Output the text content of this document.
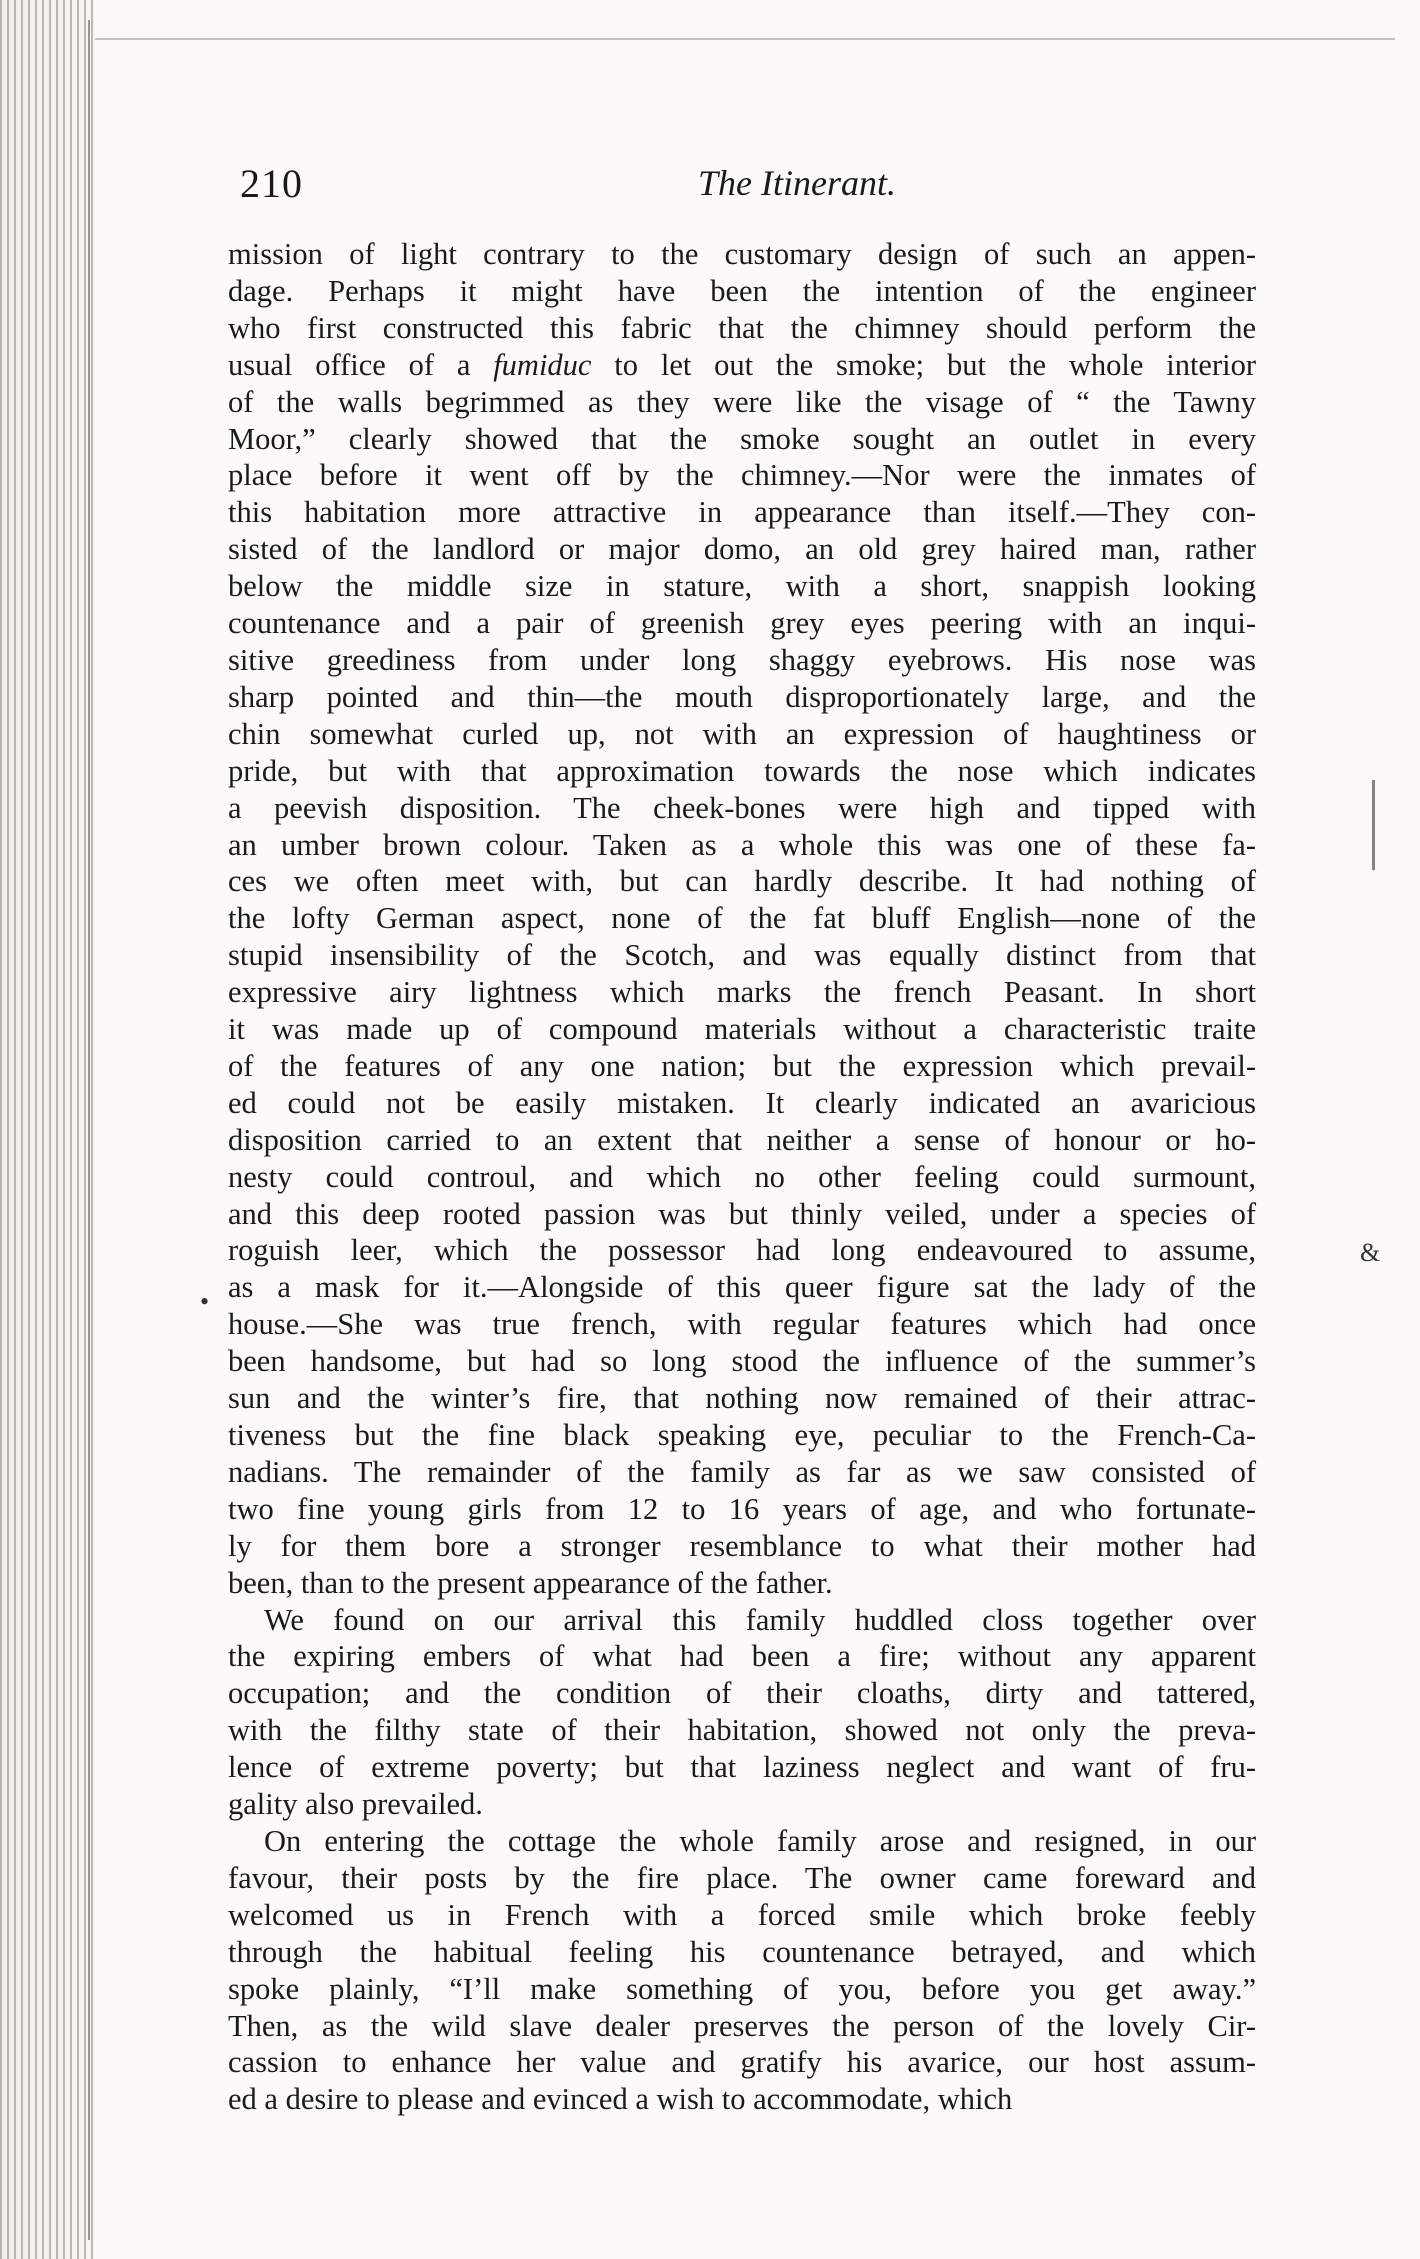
210	The Itinerant.
mission of light contrary to the customary design of such an appen-
dage. Perhaps it might have been the intention of the engineer
who first constructed this fabric that the chimney should perform the
usual office of a fumiduc to let out the smoke; but the whole interior
of the walls begrimmed as they were like the visage of “ the Tawny
Moor,” clearly showed that the smoke sought an outlet in every
place before it went off by the chimney.—Nor were the inmates of
this habitation more attractive in appearance than itself.—They con-
sisted of the landlord or major domo, an old grey haired man, rather
below the middle size in stature, with a short, snappish looking
countenance and a pair of greenish grey eyes peering with an inqui-
sitive greediness from under long shaggy eyebrows. His nose was
sharp pointed and thin—the mouth disproportionately large, and the
chin somewhat curled up, not with an expression of haughtiness or
pride, but with that approximation towards the nose which indicates
a peevish disposition. The cheek-bones were high and tipped with
an umber brown colour. Taken as a whole this was one of these fa-
ces we often meet with, but can hardly describe. It had nothing of
the lofty German aspect, none of the fat bluff English—none of the
stupid insensibility of the Scotch, and was equally distinct from that
expressive airy lightness which marks the french Peasant. In short
it was made up of compound materials without a characteristic traite
of the features of any one nation; but the expression which prevail-
ed could not be easily mistaken. It clearly indicated an avaricious
disposition carried to an extent that neither a sense of honour or ho-
nesty could controul, and which no other feeling could surmount,
and this deep rooted passion was but thinly veiled, under a species of
roguish leer, which the possessor had long endeavoured to assume,
as a mask for it.—Alongside of this queer figure sat the lady of the
house.—She was true french, with regular features which had once
been handsome, but had so long stood the influence of the summer’s
sun and the winter’s fire, that nothing now remained of their attrac-
tiveness but the fine black speaking eye, peculiar to the French-Ca-
nadians. The remainder of the family as far as we saw consisted of
two fine young girls from 12 to 16 years of age, and who fortunate-
ly for them bore a stronger resemblance to what their mother had
been, than to the present appearance of the father.
We found on our arrival this family huddled closs together over
the expiring embers of what had been a fire; without any apparent
occupation; and the condition of their cloaths, dirty and tattered,
with the filthy state of their habitation, showed not only the preva-
lence of extreme poverty; but that laziness neglect and want of fru-
gality also prevailed.
On entering the cottage the whole family arose and resigned, in our
favour, their posts by the fire place. The owner came foreward and
welcomed us in French with a forced smile which broke feebly
through the habitual feeling his countenance betrayed, and which
spoke plainly, “I’ll make something of you, before you get away.”
Then, as the wild slave dealer preserves the person of the lovely Cir-
cassion to enhance her value and gratify his avarice, our host assum-
ed a desire to please and evinced a wish to accommodate, which
&
•
